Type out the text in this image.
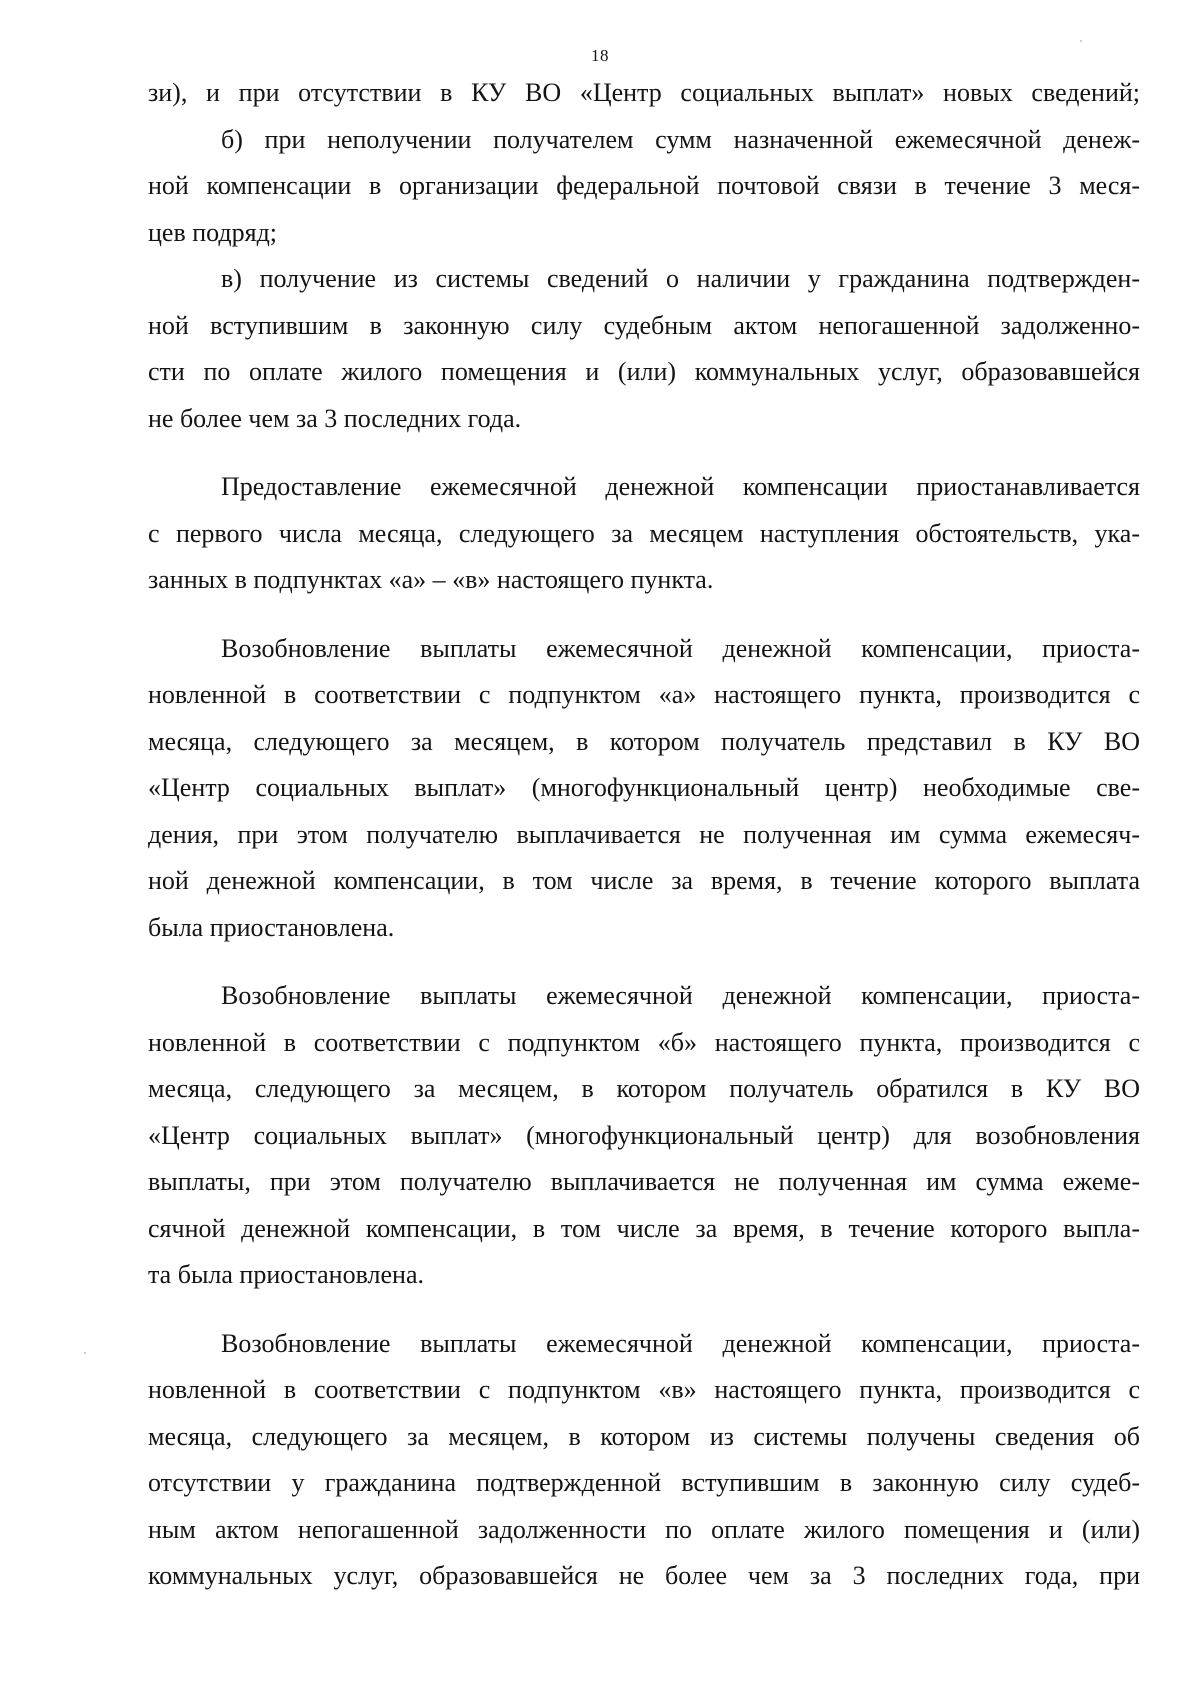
18
зи), и при отсутствии в КУ ВО «Центр социальных выплат» новых сведений;
б) при неполучении получателем сумм назначенной ежемесячной денеж-
ной компенсации в организации федеральной почтовой связи в течение 3 меся-
цев подряд;
в) получение из системы сведений о наличии у гражданина подтвержден-
ной вступившим в законную силу судебным актом непогашенной задолженно-
сти по оплате жилого помещения и (или) коммунальных услуг, образовавшейся
не более чем за 3 последних года.
Предоставление ежемесячной денежной компенсации приостанавливается
с первого числа месяца, следующего за месяцем наступления обстоятельств, ука-
занных в подпунктах «а» – «в» настоящего пункта.
Возобновление выплаты ежемесячной денежной компенсации, приоста-
новленной в соответствии с подпунктом «а» настоящего пункта, производится с
месяца, следующего за месяцем, в котором получатель представил в КУ ВО
«Центр социальных выплат» (многофункциональный центр) необходимые све-
дения, при этом получателю выплачивается не полученная им сумма ежемесяч-
ной денежной компенсации, в том числе за время, в течение которого выплата
была приостановлена.
Возобновление выплаты ежемесячной денежной компенсации, приоста-
новленной в соответствии с подпунктом «б» настоящего пункта, производится с
месяца, следующего за месяцем, в котором получатель обратился в КУ ВО
«Центр социальных выплат» (многофункциональный центр) для возобновления
выплаты, при этом получателю выплачивается не полученная им сумма ежеме-
сячной денежной компенсации, в том числе за время, в течение которого выпла-
та была приостановлена.
Возобновление выплаты ежемесячной денежной компенсации, приоста-
новленной в соответствии с подпунктом «в» настоящего пункта, производится с
месяца, следующего за месяцем, в котором из системы получены сведения об
отсутствии у гражданина подтвержденной вступившим в законную силу судеб-
ным актом непогашенной задолженности по оплате жилого помещения и (или)
коммунальных услуг, образовавшейся не более чем за 3 последних года, при
